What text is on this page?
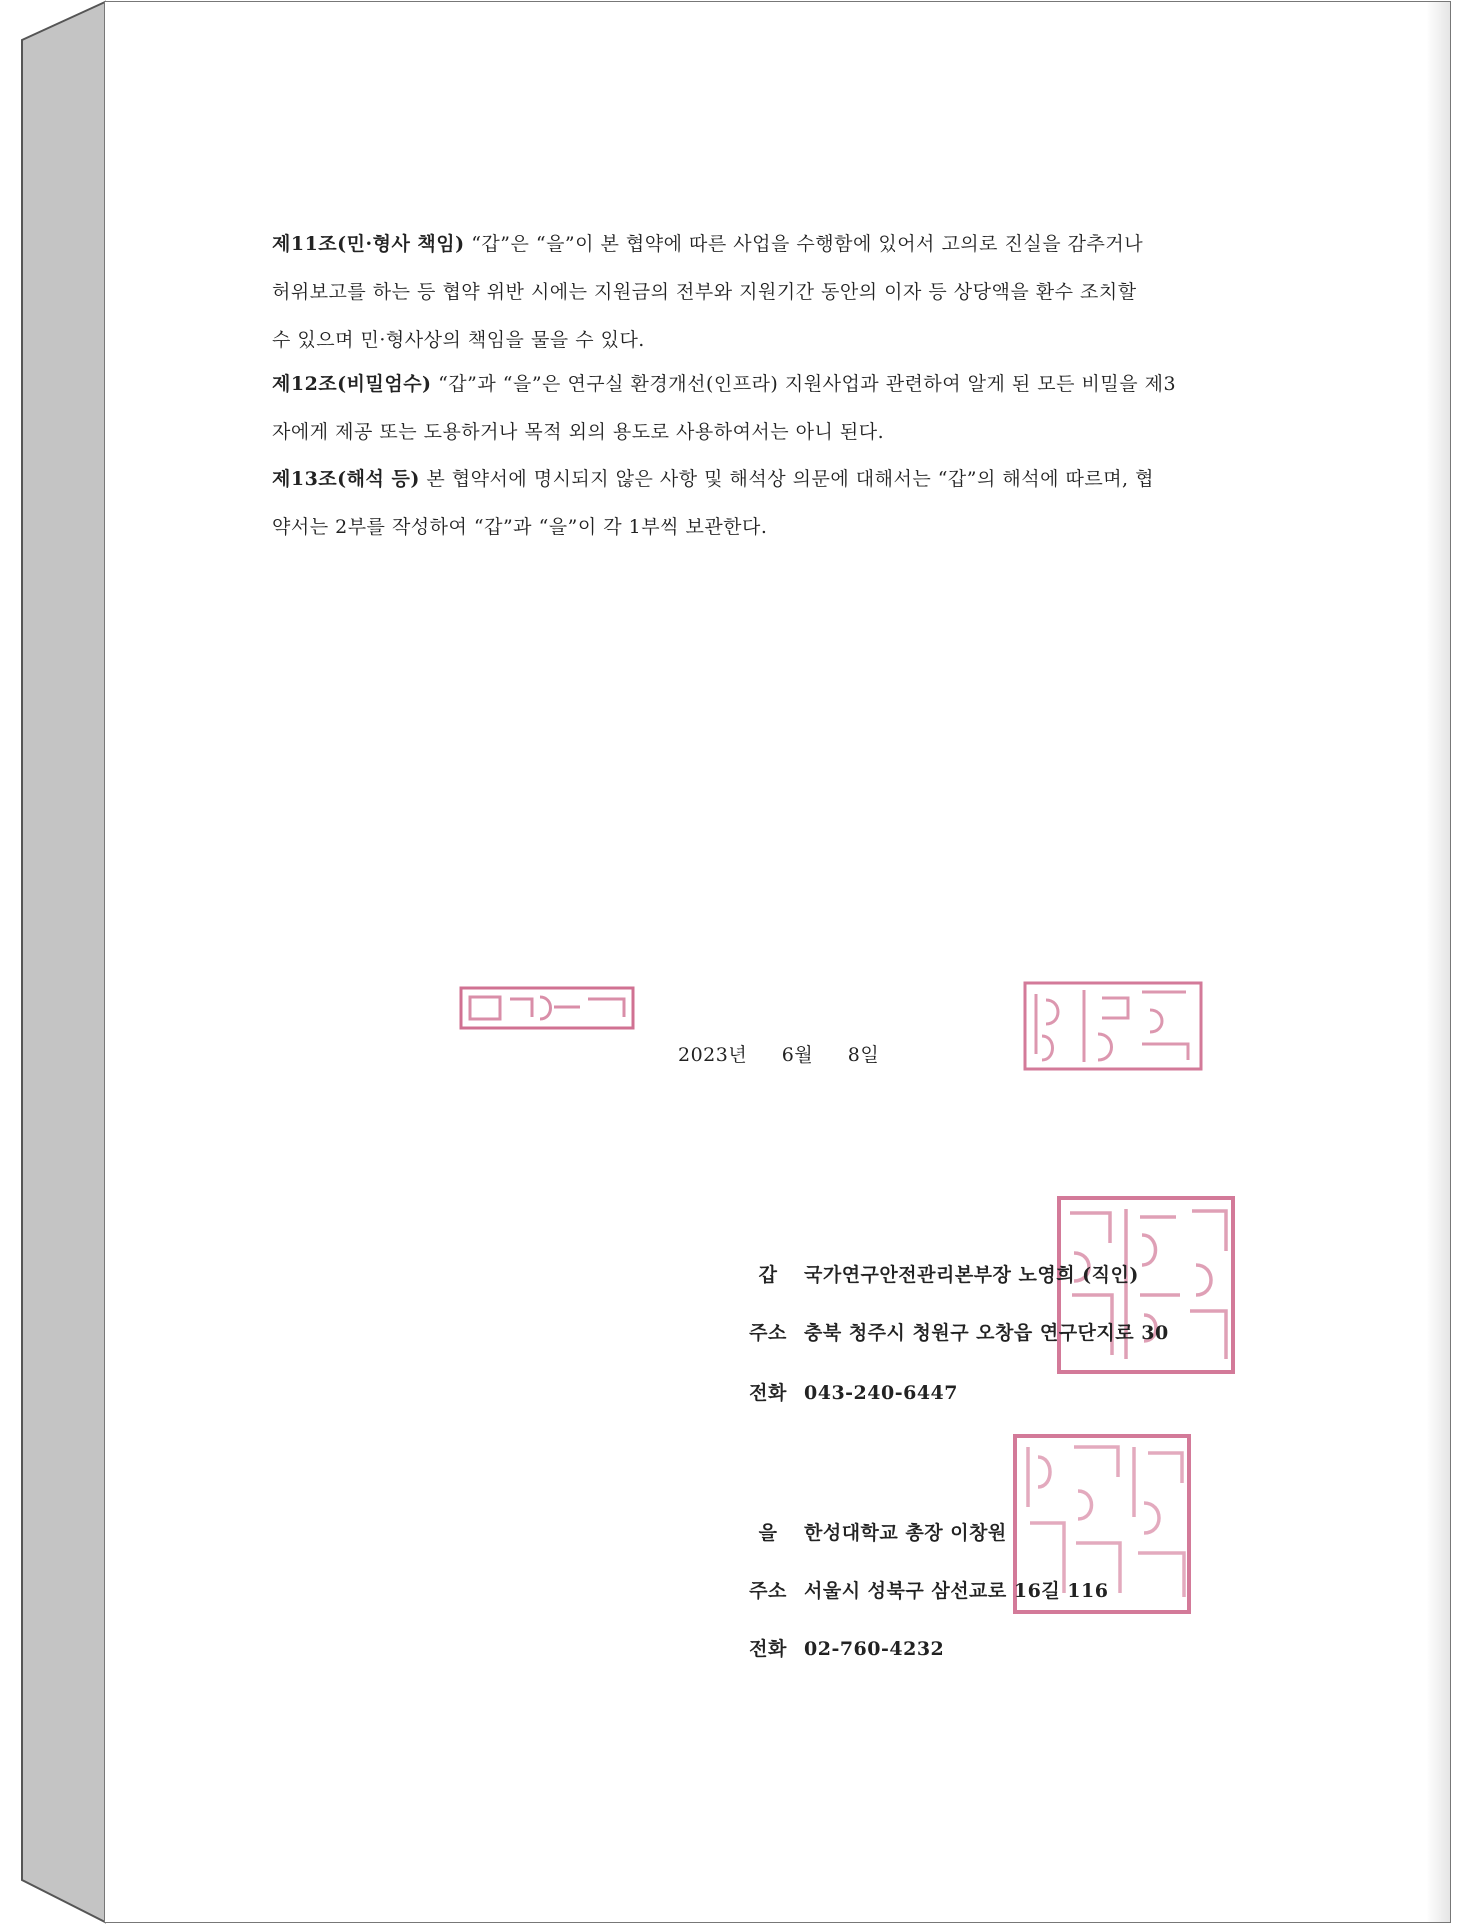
제11조(민·형사 책임) “갑”은 “을”이 본 협약에 따른 사업을 수행함에 있어서 고의로 진실을 감추거나
허위보고를 하는 등 협약 위반 시에는 지원금의 전부와 지원기간 동안의 이자 등 상당액을 환수 조치할
수 있으며 민·형사상의 책임을 물을 수 있다.
제12조(비밀엄수) “갑”과 “을”은 연구실 환경개선(인프라) 지원사업과 관련하여 알게 된 모든 비밀을 제3
자에게 제공 또는 도용하거나 목적 외의 용도로 사용하여서는 아니 된다.
제13조(해석 등) 본 협약서에 명시되지 않은 사항 및 해석상 의문에 대해서는 “갑”의 해석에 따르며, 협
약서는 2부를 작성하여 “갑”과 “을”이 각 1부씩 보관한다.
2023년 6월 8일
갑 국가연구안전관리본부장 노영희 (직인)
주소 충북 청주시 청원구 오창읍 연구단지로 30
전화 043-240-6447
을 한성대학교 총장 이창원
주소 서울시 성북구 삼선교로 16길 116
전화 02-760-4232
